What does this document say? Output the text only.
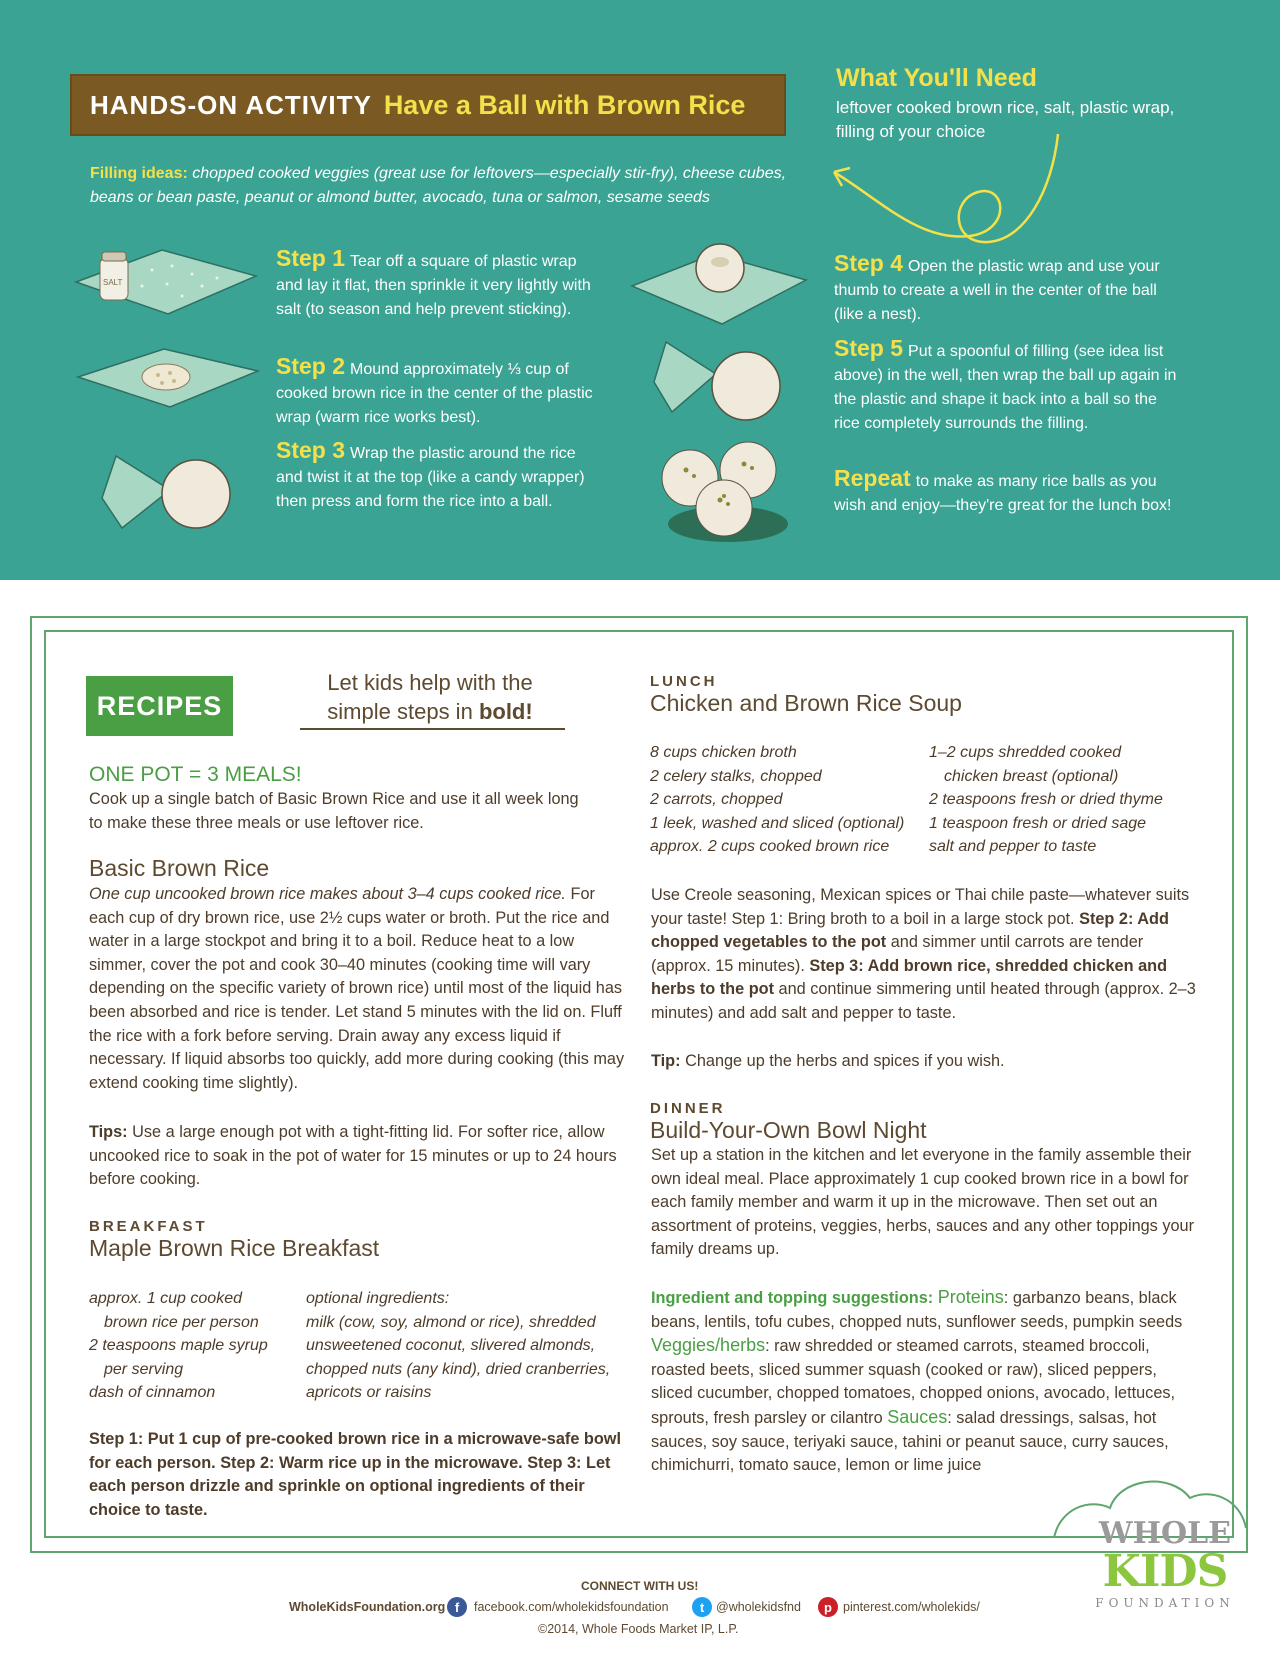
HANDS-ON ACTIVITY Have a Ball with Brown Rice
What You'll Need
leftover cooked brown rice, salt, plastic wrap, filling of your choice
Filling ideas: chopped cooked veggies (great use for leftovers—especially stir-fry), cheese cubes, beans or bean paste, peanut or almond butter, avocado, tuna or salmon, sesame seeds
SALT
Step 1 Tear off a square of plastic wrap and lay it flat, then sprinkle it very lightly with salt (to season and help prevent sticking).
Step 2 Mound approximately ⅓ cup of cooked brown rice in the center of the plastic wrap (warm rice works best).
Step 3 Wrap the plastic around the rice and twist it at the top (like a candy wrapper) then press and form the rice into a ball.
Step 4 Open the plastic wrap and use your thumb to create a well in the center of the ball (like a nest).
Step 5 Put a spoonful of filling (see idea list above) in the well, then wrap the ball up again in the plastic and shape it back into a ball so the rice completely surrounds the filling.
Repeat to make as many rice balls as you wish and enjoy—they're great for the lunch box!
RECIPES
Let kids help with the
simple steps in bold!
ONE POT = 3 MEALS!
Cook up a single batch of Basic Brown Rice and use it all week long to make these three meals or use leftover rice.
Basic Brown Rice
One cup uncooked brown rice makes about 3–4 cups cooked rice. For each cup of dry brown rice, use 2½ cups water or broth. Put the rice and water in a large stockpot and bring it to a boil. Reduce heat to a low simmer, cover the pot and cook 30–40 minutes (cooking time will vary depending on the specific variety of brown rice) until most of the liquid has been absorbed and rice is tender. Let stand 5 minutes with the lid on. Fluff the rice with a fork before serving. Drain away any excess liquid if necessary. If liquid absorbs too quickly, add more during cooking (this may extend cooking time slightly).
Tips: Use a large enough pot with a tight-fitting lid. For softer rice, allow uncooked rice to soak in the pot of water for 15 minutes or up to 24 hours before cooking.
BREAKFAST
Maple Brown Rice Breakfast
approx. 1 cup cooked
brown rice per person
2 teaspoons maple syrup
per serving
dash of cinnamon
optional ingredients:
milk (cow, soy, almond or rice), shredded
unsweetened coconut, slivered almonds,
chopped nuts (any kind), dried cranberries,
apricots or raisins
Step 1: Put 1 cup of pre-cooked brown rice in a microwave-safe bowl for each person. Step 2: Warm rice up in the microwave. Step 3: Let each person drizzle and sprinkle on optional ingredients of their choice to taste.
LUNCH
Chicken and Brown Rice Soup
8 cups chicken broth
2 celery stalks, chopped
2 carrots, chopped
1 leek, washed and sliced (optional)
approx. 2 cups cooked brown rice
1–2 cups shredded cooked
chicken breast (optional)
2 teaspoons fresh or dried thyme
1 teaspoon fresh or dried sage
salt and pepper to taste
Use Creole seasoning, Mexican spices or Thai chile paste—whatever suits your taste! Step 1: Bring broth to a boil in a large stock pot. Step 2: Add chopped vegetables to the pot and simmer until carrots are tender (approx. 15 minutes). Step 3: Add brown rice, shredded chicken and herbs to the pot and continue simmering until heated through (approx. 2–3 minutes) and add salt and pepper to taste.
Tip: Change up the herbs and spices if you wish.
DINNER
Build-Your-Own Bowl Night
Set up a station in the kitchen and let everyone in the family assemble their own ideal meal. Place approximately 1 cup cooked brown rice in a bowl for each family member and warm it up in the microwave. Then set out an assortment of proteins, veggies, herbs, sauces and any other toppings your family dreams up.
Ingredient and topping suggestions: Proteins: garbanzo beans, black beans, lentils, tofu cubes, chopped nuts, sunflower seeds, pumpkin seeds Veggies/herbs: raw shredded or steamed carrots, steamed broccoli, roasted beets, sliced summer squash (cooked or raw), sliced peppers, sliced cucumber, chopped tomatoes, chopped onions, avocado, lettuces, sprouts, fresh parsley or cilantro Sauces: salad dressings, salsas, hot sauces, soy sauce, teriyaki sauce, tahini or peanut sauce, curry sauces, chimichurri, tomato sauce, lemon or lime juice
WHOLE
KIDS
FOUNDATION
CONNECT WITH US!
WholeKidsFoundation.org f	facebook.com/wholekidsfoundation	t @wholekidsfnd	p pinterest.com/wholekids/
©2014, Whole Foods Market IP, L.P.
